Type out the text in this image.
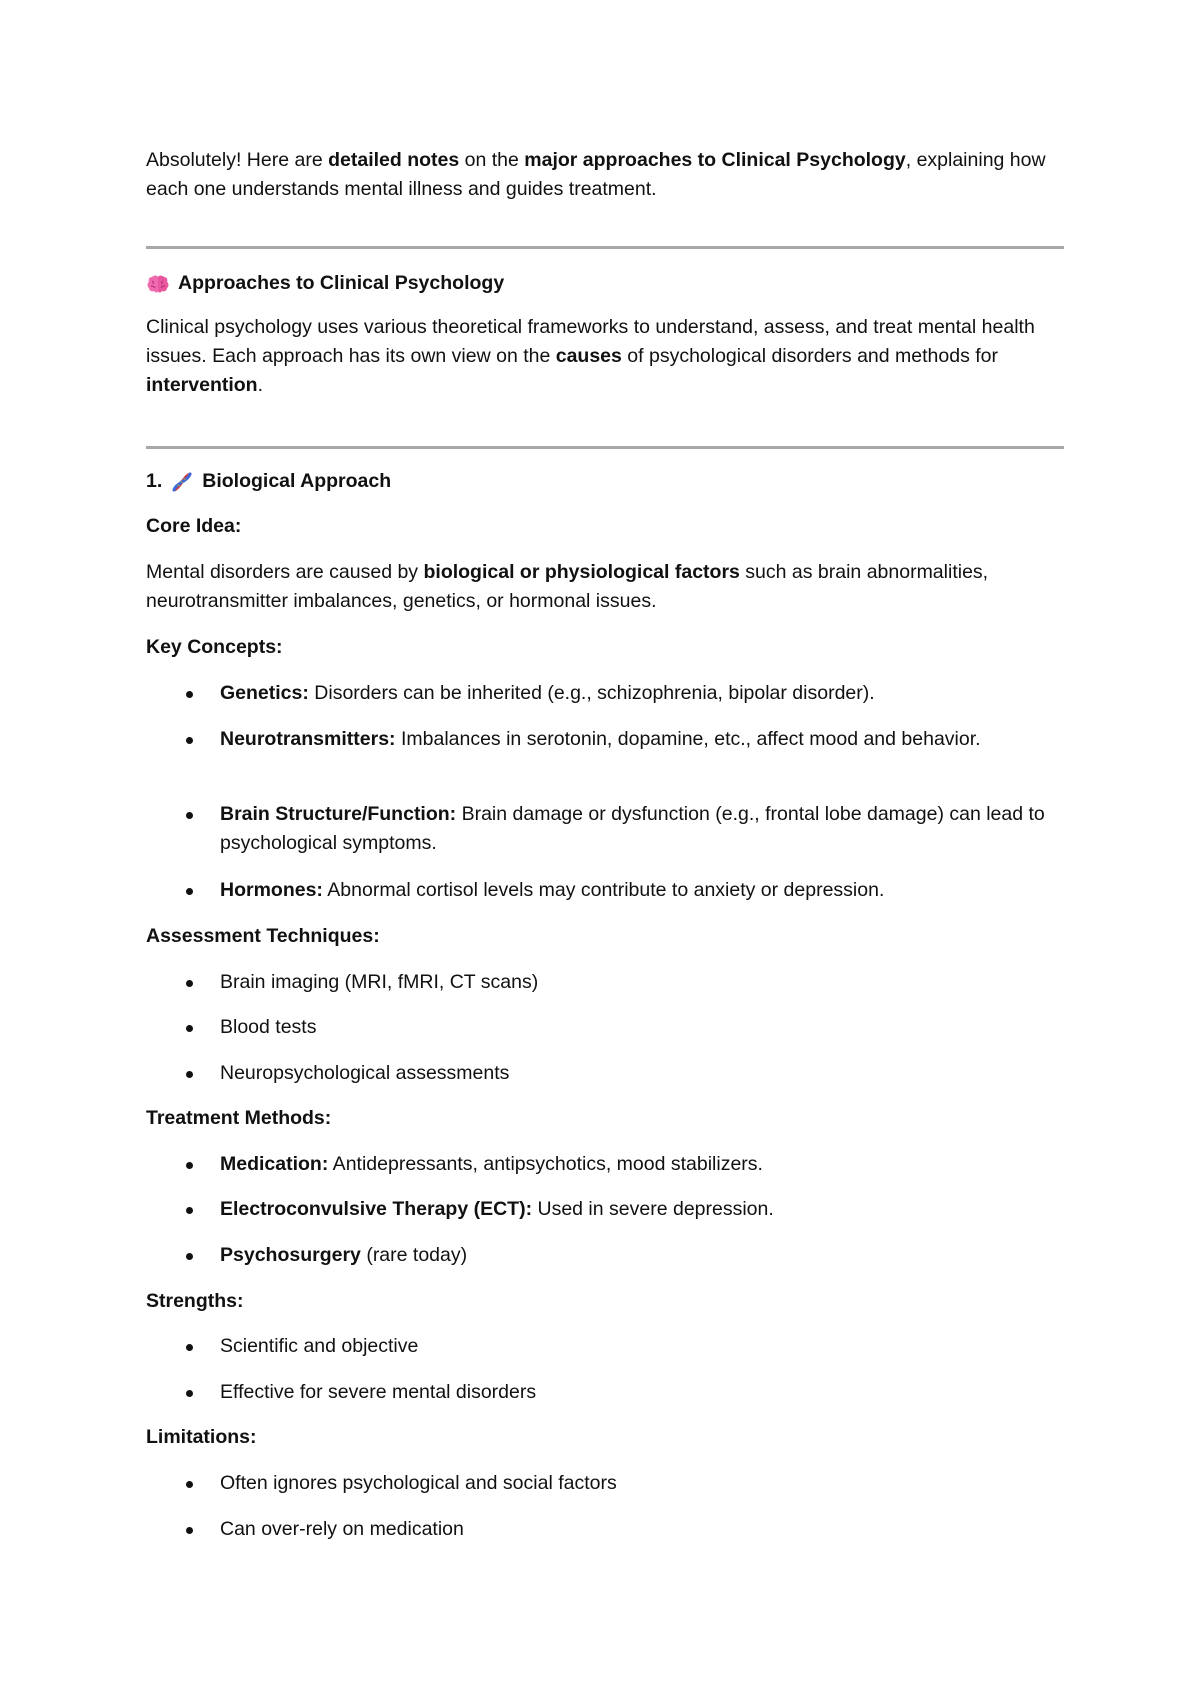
Absolutely! Here are detailed notes on the major approaches to Clinical Psychology, explaining how each one understands mental illness and guides treatment.

Approaches to Clinical Psychology

Clinical psychology uses various theoretical frameworks to understand, assess, and treat mental health issues. Each approach has its own view on the causes of psychological disorders and methods for intervention.

1. Biological Approach

Core Idea:

Mental disorders are caused by biological or physiological factors such as brain abnormalities, neurotransmitter imbalances, genetics, or hormonal issues.

Key Concepts:

Genetics: Disorders can be inherited (e.g., schizophrenia, bipolar disorder).
Neurotransmitters: Imbalances in serotonin, dopamine, etc., affect mood and behavior.
Brain Structure/Function: Brain damage or dysfunction (e.g., frontal lobe damage) can lead to psychological symptoms.
Hormones: Abnormal cortisol levels may contribute to anxiety or depression.

Assessment Techniques:

Brain imaging (MRI, fMRI, CT scans)
Blood tests
Neuropsychological assessments

Treatment Methods:

Medication: Antidepressants, antipsychotics, mood stabilizers.
Electroconvulsive Therapy (ECT): Used in severe depression.
Psychosurgery (rare today)

Strengths:

Scientific and objective
Effective for severe mental disorders

Limitations:

Often ignores psychological and social factors
Can over-rely on medication
